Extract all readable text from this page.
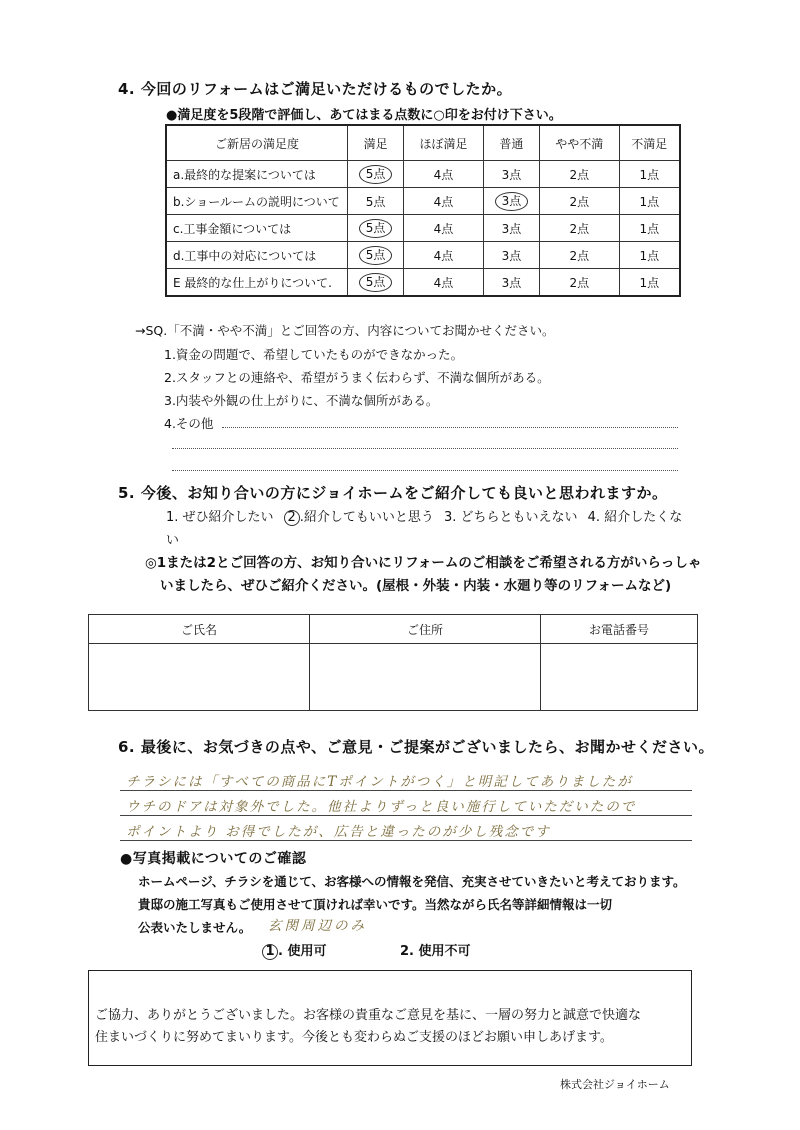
4. 今回のリフォームはご満足いただけるものでしたか。
●満足度を5段階で評価し、あてはまる点数に○印をお付け下さい。
ご新居の満足度	満足	ほぼ満足	普通	やや不満	不満足
a.最終的な提案については	5点	4点	3点	2点	1点
b.ショールームの説明について	5点	4点	3点	2点	1点
c.工事金額については	5点	4点	3点	2点	1点
d.工事中の対応については	5点	4点	3点	2点	1点
E 最終的な仕上がりについて.	5点	4点	3点	2点	1点
→SQ.「不満・やや不満」とご回答の方、内容についてお聞かせください。
1.資金の問題で、希望していたものができなかった。
2.スタッフとの連絡や、希望がうまく伝わらず、不満な個所がある。
3.内装や外観の仕上がりに、不満な個所がある。
4.その他
5. 今後、お知り合いの方にジョイホームをご紹介しても良いと思われますか。
1. ぜひ紹介したい 2 .紹介してもいいと思う 3. どちらともいえない 4. 紹介したくな
い
◎1または2とご回答の方、お知り合いにリフォームのご相談をご希望される方がいらっしゃ
いましたら、ぜひご紹介ください。(屋根・外装・内装・水廻り等のリフォームなど)
ご氏名	ご住所	お電話番号

6. 最後に、お気づきの点や、ご意見・ご提案がございましたら、お聞かせください。
チラシには「すべての商品にTポイントがつく」と明記してありましたが
ウチのドアは対象外でした。他社よりずっと良い施行していただいたので
ポイントより お得でしたが、広告と違ったのが少し残念です
●写真掲載についてのご確認
ホームページ、チラシを通じて、お客様への情報を発信、充実させていきたいと考えております。
貴邸の施工写真もご使用させて頂ければ幸いです。当然ながら氏名等詳細情報は一切
公表いたしません。 玄関周辺のみ
1 . 使用可	2. 使用不可
ご協力、ありがとうございました。お客様の貴重なご意見を基に、一層の努力と誠意で快適な
住まいづくりに努めてまいります。今後とも変わらぬご支援のほどお願い申しあげます。
株式会社ジョイホーム
